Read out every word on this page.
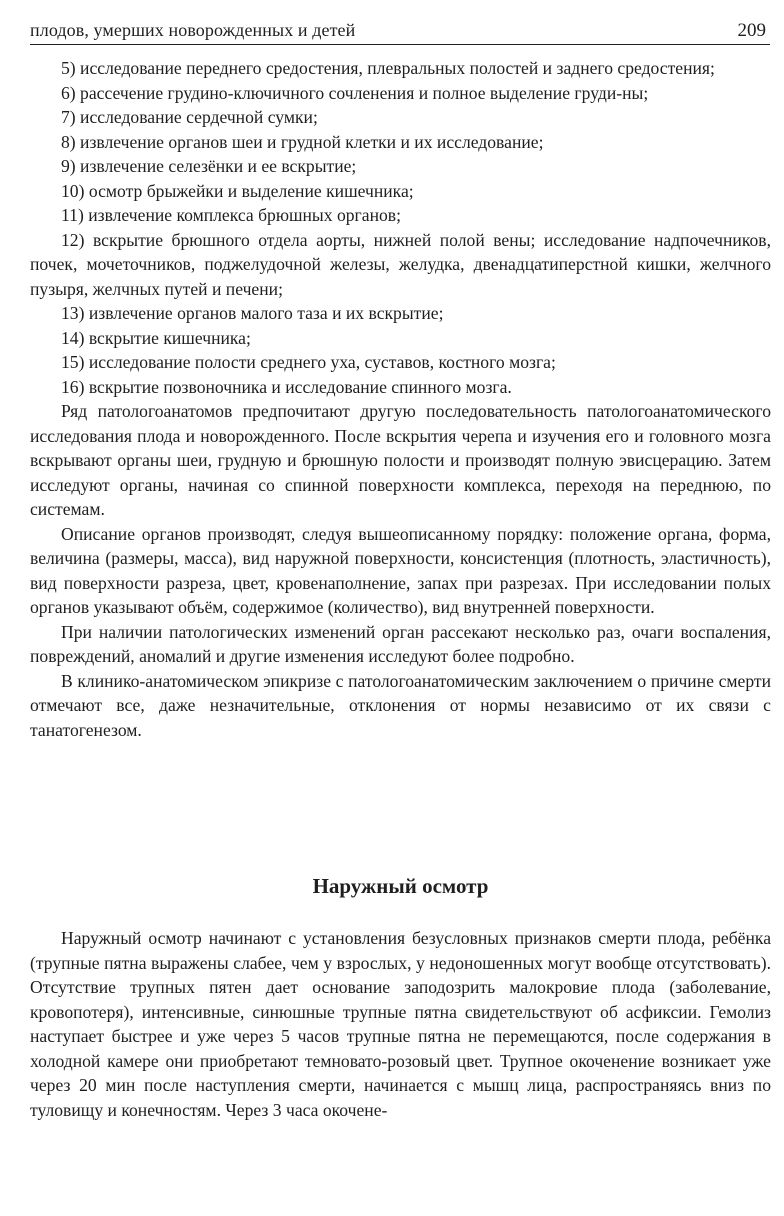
плодов, умерших новорожденных и детей	209

5) исследование переднего средостения, плевральных полостей и заднего средостения;

6) рассечение грудино-ключичного сочленения и полное выделение груди-ны;

7) исследование сердечной сумки;

8) извлечение органов шеи и грудной клетки и их исследование;

9) извлечение селезёнки и ее вскрытие;

10) осмотр брыжейки и выделение кишечника;

11) извлечение комплекса брюшных органов;

12) вскрытие брюшного отдела аорты, нижней полой вены; исследование надпочечников, почек, мочеточников, поджелудочной железы, желудка, двенадцатиперстной кишки, желчного пузыря, желчных путей и печени;

13) извлечение органов малого таза и их вскрытие;

14) вскрытие кишечника;

15) исследование полости среднего уха, суставов, костного мозга;

16) вскрытие позвоночника и исследование спинного мозга.

Ряд патологоанатомов предпочитают другую последовательность патологоанатомического исследования плода и новорожденного. После вскрытия черепа и изучения его и головного мозга вскрывают органы шеи, грудную и брюшную полости и производят полную эвисцерацию. Затем исследуют органы, начиная со спинной поверхности комплекса, переходя на переднюю, по системам.

Описание органов производят, следуя вышеописанному порядку: положение органа, форма, величина (размеры, масса), вид наружной поверхности, консистенция (плотность, эластичность), вид поверхности разреза, цвет, кровенаполнение, запах при разрезах. При исследовании полых органов указывают объём, содержимое (количество), вид внутренней поверхности.

При наличии патологических изменений орган рассекают несколько раз, очаги воспаления, повреждений, аномалий и другие изменения исследуют более подробно.

В клинико-анатомическом эпикризе с патологоанатомическим заключением о причине смерти отмечают все, даже незначительные, отклонения от нормы независимо от их связи с танатогенезом.

Наружный осмотр

Наружный осмотр начинают с установления безусловных признаков смерти плода, ребёнка (трупные пятна выражены слабее, чем у взрослых, у недоношенных могут вообще отсутствовать). Отсутствие трупных пятен дает основание заподозрить малокровие плода (заболевание, кровопотеря), интенсивные, синюшные трупные пятна свидетельствуют об асфиксии. Гемолиз наступает быстрее и уже через 5 часов трупные пятна не перемещаются, после содержания в холодной камере они приобретают темновато-розовый цвет. Трупное окоченение возникает уже через 20 мин после наступления смерти, начинается с мышц лица, распространяясь вниз по туловищу и конечностям. Через 3 часа окоченe-
